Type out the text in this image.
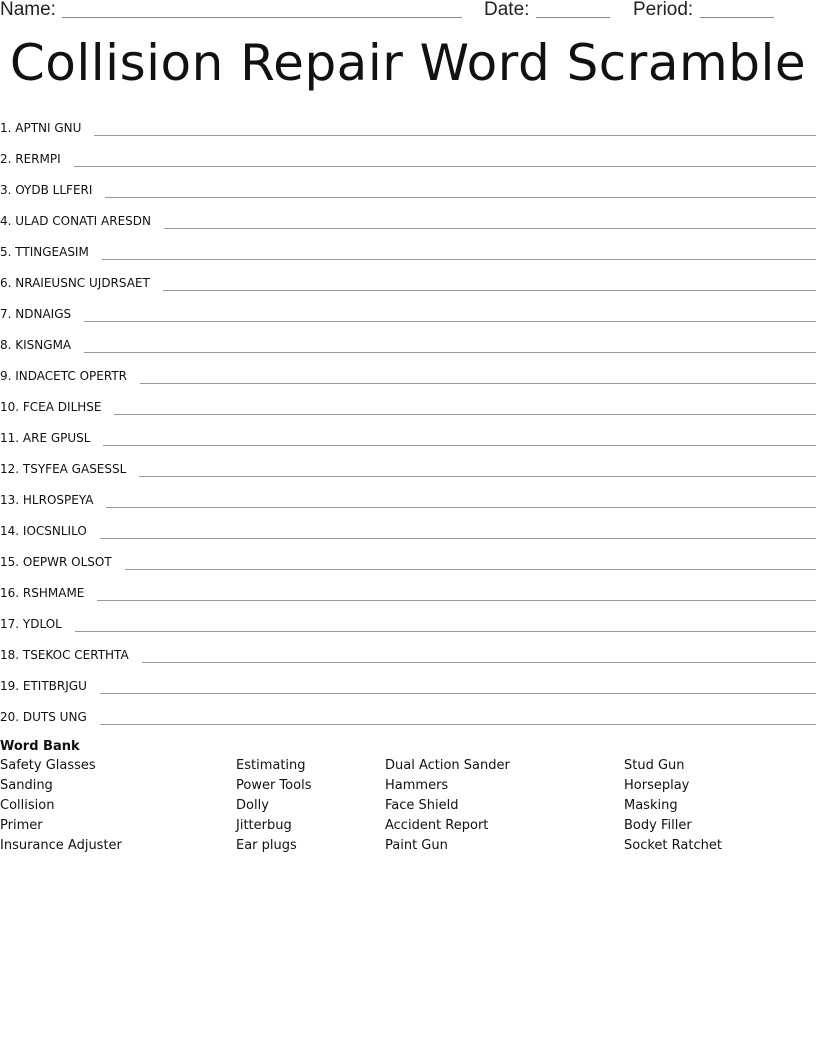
Name:	Date:	Period:
Collision Repair Word Scramble
1. APTNI GNU
2. RERMPI
3. OYDB LLFERI
4. ULAD CONATI ARESDN
5. TTINGEASIM
6. NRAIEUSNC UJDRSAET
7. NDNAIGS
8. KISNGMA
9. INDACETC OPERTR
10. FCEA DILHSE
11. ARE GPUSL
12. TSYFEA GASESSL
13. HLROSPEYA
14. IOCSNLILO
15. OEPWR OLSOT
16. RSHMAME
17. YDLOL
18. TSEKOC CERTHTA
19. ETITBRJGU
20. DUTS UNG
Word Bank
Safety Glasses
Sanding
Collision
Primer
Insurance Adjuster
Estimating
Power Tools
Dolly
Jitterbug
Ear plugs
Dual Action Sander
Hammers
Face Shield
Accident Report
Paint Gun
Stud Gun
Horseplay
Masking
Body Filler
Socket Ratchet
